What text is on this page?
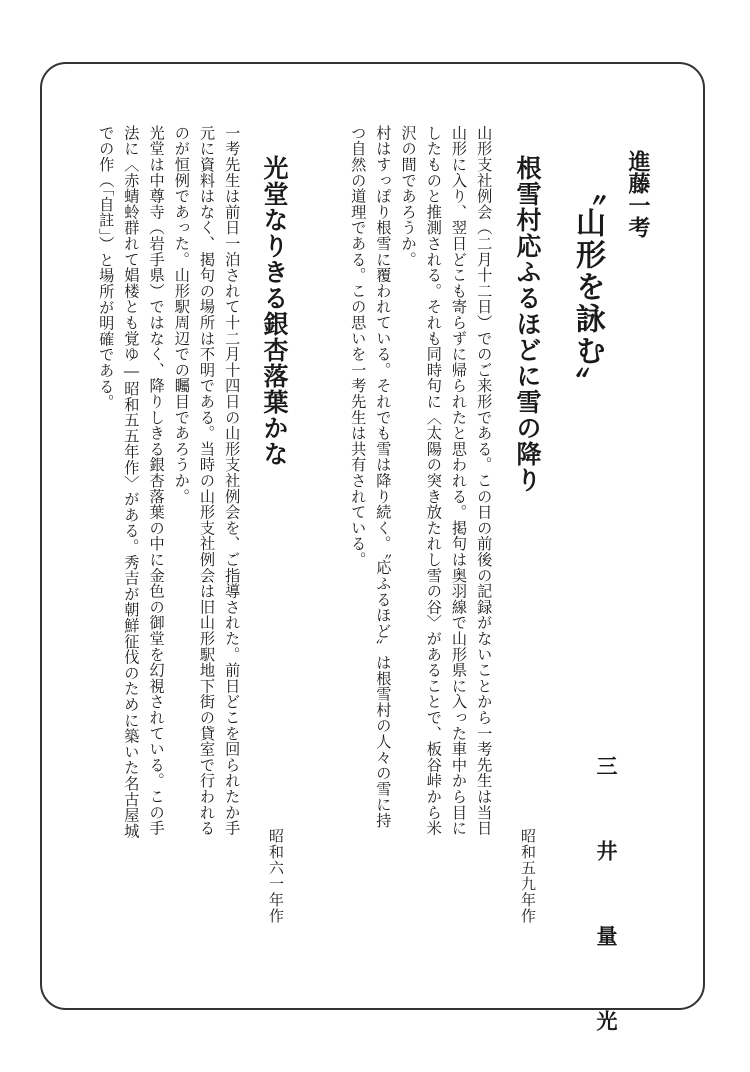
進藤一考
〝山形を詠む〟
三 井 量 光
根雪村応ふるほどに雪の降り
昭和五九年作
山形支社例会（二月十二日）でのご来形である。この日の前後の記録がないことから一考先生は当日
山形に入り、翌日どこも寄らずに帰られたと思われる。掲句は奥羽線で山形県に入った車中から目に
したものと推測される。それも同時句に〈太陽の突き放たれし雪の谷〉があることで、板谷峠から米
沢の間であろうか。
村はすっぽり根雪に覆われている。それでも雪は降り続く。〝応ふるほど〟は根雪村の人々の雪に持
つ自然の道理である。この思いを一考先生は共有されている。
光堂なりきる銀杏落葉かな
昭和六一年作
一考先生は前日一泊されて十二月十四日の山形支社例会を、ご指導された。前日どこを回られたか手
元に資料はなく、掲句の場所は不明である。当時の山形支社例会は旧山形駅地下街の貸室で行われる
のが恒例であった。山形駅周辺での矚目であろうか。
光堂は中尊寺（岩手県）ではなく、降りしきる銀杏落葉の中に金色の御堂を幻視されている。この手
法に〈赤蜻蛉群れて娼楼とも覚ゆ―昭和五五年作〉がある。秀吉が朝鮮征伐のために築いた名古屋城
での作（「自註」）と場所が明確である。
